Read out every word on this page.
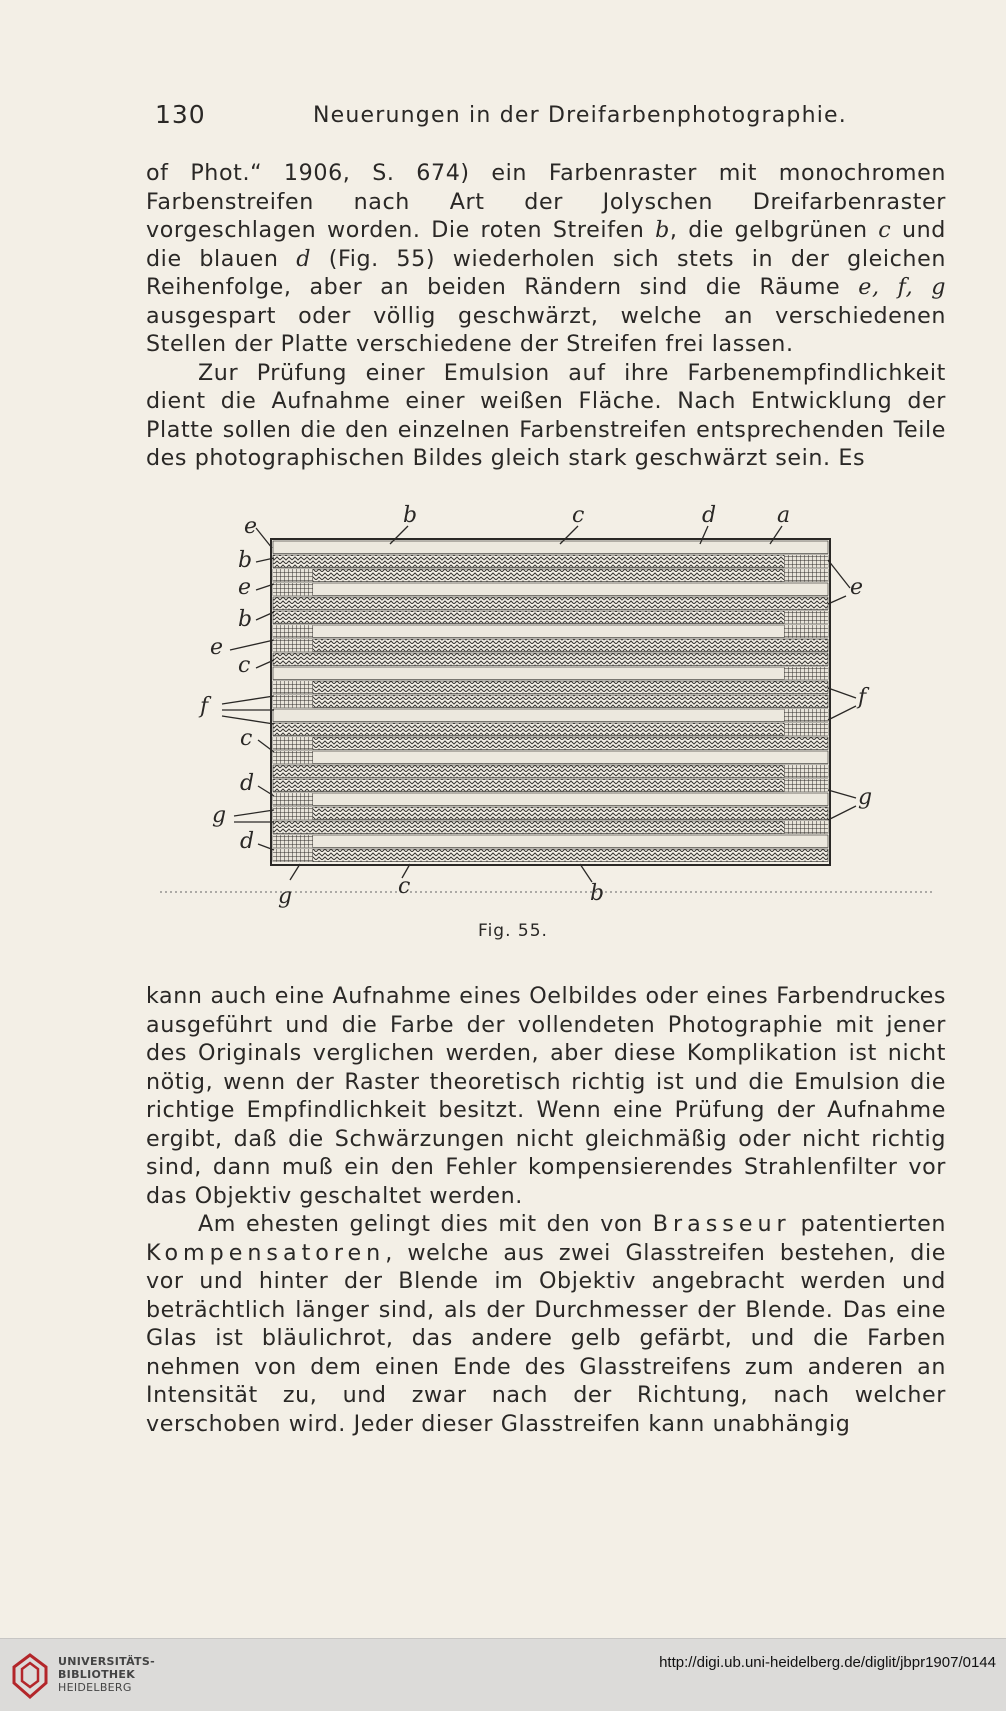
130	Neuerungen in der Dreifarbenphotographie.

of Phot.“ 1906, S. 674) ein Farbenraster mit monochromen Farbenstreifen nach Art der Jolyschen Dreifarbenraster vorgeschlagen worden. Die roten Streifen b, die gelbgrünen c und die blauen d (Fig. 55) wiederholen sich stets in der gleichen Reihenfolge, aber an beiden Rändern sind die Räume e, f, g ausgespart oder völlig geschwärzt, welche an verschiedenen Stellen der Platte verschiedene der Streifen frei lassen.

Zur Prüfung einer Emulsion auf ihre Farbenempfindlichkeit dient die Aufnahme einer weißen Fläche. Nach Entwicklung der Platte sollen die den einzelnen Farbenstreifen entsprechenden Teile des photographischen Bildes gleich stark geschwärzt sein. Es

e	b	c	d	a
b
e
b
e
c
f
c
d
g
d
e
f
g
g	c	b
Fig. 55.

kann auch eine Aufnahme eines Oelbildes oder eines Farbendruckes ausgeführt und die Farbe der vollendeten Photographie mit jener des Originals verglichen werden, aber diese Komplikation ist nicht nötig, wenn der Raster theoretisch richtig ist und die Emulsion die richtige Empfindlichkeit besitzt. Wenn eine Prüfung der Aufnahme ergibt, daß die Schwärzungen nicht gleichmäßig oder nicht richtig sind, dann muß ein den Fehler kompensierendes Strahlenfilter vor das Objektiv geschaltet werden.

Am ehesten gelingt dies mit den von Brasseur patentierten Kompensatoren, welche aus zwei Glasstreifen bestehen, die vor und hinter der Blende im Objektiv angebracht werden und beträchtlich länger sind, als der Durchmesser der Blende. Das eine Glas ist bläulichrot, das andere gelb gefärbt, und die Farben nehmen von dem einen Ende des Glasstreifens zum anderen an Intensität zu, und zwar nach der Richtung, nach welcher verschoben wird. Jeder dieser Glasstreifen kann unabhängig

UNIVERSITÄTS-
BIBLIOTHEK
HEIDELBERG
http://digi.ub.uni-heidelberg.de/diglit/jbpr1907/0144
